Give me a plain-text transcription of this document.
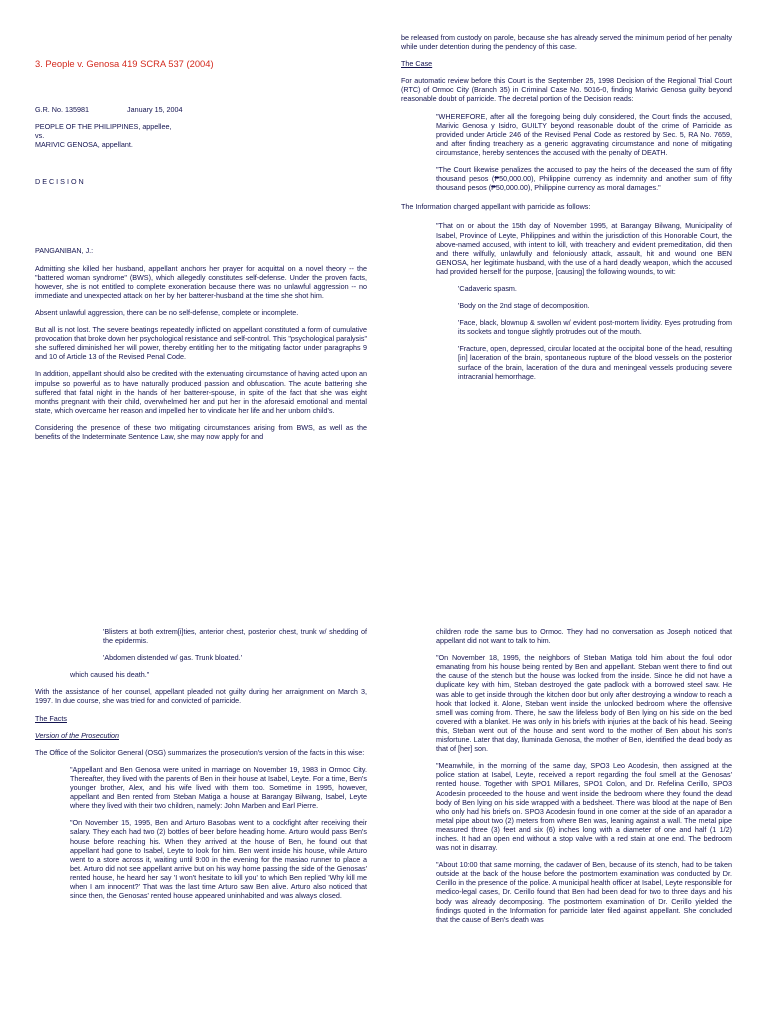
3. People v. Genosa 419 SCRA 537 (2004)

G.R. No. 135981	January 15, 2004

PEOPLE OF THE PHILIPPINES, appellee,

vs.

MARIVIC GENOSA, appellant.

D E C I S I O N

PANGANIBAN, J.:

Admitting she killed her husband, appellant anchors her prayer for acquittal on a novel theory -- the "battered woman syndrome" (BWS), which allegedly constitutes self-defense. Under the proven facts, however, she is not entitled to complete exoneration because there was no unlawful aggression -- no immediate and unexpected attack on her by her batterer-husband at the time she shot him.

Absent unlawful aggression, there can be no self-defense, complete or incomplete.

But all is not lost. The severe beatings repeatedly inflicted on appellant constituted a form of cumulative provocation that broke down her psychological resistance and self-control. This "psychological paralysis" she suffered diminished her will power, thereby entitling her to the mitigating factor under paragraphs 9 and 10 of Article 13 of the Revised Penal Code.

In addition, appellant should also be credited with the extenuating circumstance of having acted upon an impulse so powerful as to have naturally produced passion and obfuscation. The acute battering she suffered that fatal night in the hands of her batterer-spouse, in spite of the fact that she was eight months pregnant with their child, overwhelmed her and put her in the aforesaid emotional and mental state, which overcame her reason and impelled her to vindicate her life and her unborn child's.

Considering the presence of these two mitigating circumstances arising from BWS, as well as the benefits of the Indeterminate Sentence Law, she may now apply for and

be released from custody on parole, because she has already served the minimum period of her penalty while under detention during the pendency of this case.

The Case

For automatic review before this Court is the September 25, 1998 Decision of the Regional Trial Court (RTC) of Ormoc City (Branch 35) in Criminal Case No. 5016-0, finding Marivic Genosa guilty beyond reasonable doubt of parricide. The decretal portion of the Decision reads:

"WHEREFORE, after all the foregoing being duly considered, the Court finds the accused, Marivic Genosa y Isidro, GUILTY beyond reasonable doubt of the crime of Parricide as provided under Article 246 of the Revised Penal Code as restored by Sec. 5, RA No. 7659, and after finding treachery as a generic aggravating circumstance and none of mitigating circumstance, hereby sentences the accused with the penalty of DEATH.

"The Court likewise penalizes the accused to pay the heirs of the deceased the sum of fifty thousand pesos (₱50,000.00), Philippine currency as indemnity and another sum of fifty thousand pesos (₱50,000.00), Philippine currency as moral damages."

The Information charged appellant with parricide as follows:

"That on or about the 15th day of November 1995, at Barangay Bilwang, Municipality of Isabel, Province of Leyte, Philippines and within the jurisdiction of this Honorable Court, the above-named accused, with intent to kill, with treachery and evident premeditation, did then and there wilfully, unlawfully and feloniously attack, assault, hit and wound one BEN GENOSA, her legitimate husband, with the use of a hard deadly weapon, which the accused had provided herself for the purpose, [causing] the following wounds, to wit:

'Cadaveric spasm.

'Body on the 2nd stage of decomposition.

'Face, black, blownup & swollen w/ evident post-mortem lividity. Eyes protruding from its sockets and tongue slightly protrudes out of the mouth.

'Fracture, open, depressed, circular located at the occipital bone of the head, resulting [in] laceration of the brain, spontaneous rupture of the blood vessels on the posterior surface of the brain, laceration of the dura and meningeal vessels producing severe intracranial hemorrhage.

'Blisters at both extrem[i]ties, anterior chest, posterior chest, trunk w/ shedding of the epidermis.

'Abdomen distended w/ gas. Trunk bloated.'

which caused his death."

With the assistance of her counsel, appellant pleaded not guilty during her arraignment on March 3, 1997. In due course, she was tried for and convicted of parricide.

The Facts

Version of the Prosecution

The Office of the Solicitor General (OSG) summarizes the prosecution's version of the facts in this wise:

"Appellant and Ben Genosa were united in marriage on November 19, 1983 in Ormoc City. Thereafter, they lived with the parents of Ben in their house at Isabel, Leyte. For a time, Ben's younger brother, Alex, and his wife lived with them too. Sometime in 1995, however, appellant and Ben rented from Steban Matiga a house at Barangay Bilwang, Isabel, Leyte where they lived with their two children, namely: John Marben and Earl Pierre.

"On November 15, 1995, Ben and Arturo Basobas went to a cockfight after receiving their salary. They each had two (2) bottles of beer before heading home. Arturo would pass Ben's house before reaching his. When they arrived at the house of Ben, he found out that appellant had gone to Isabel, Leyte to look for him. Ben went inside his house, while Arturo went to a store across it, waiting until 9:00 in the evening for the masiao runner to place a bet. Arturo did not see appellant arrive but on his way home passing the side of the Genosas' rented house, he heard her say 'I won't hesitate to kill you' to which Ben replied 'Why kill me when I am innocent?' That was the last time Arturo saw Ben alive. Arturo also noticed that since then, the Genosas' rented house appeared uninhabited and was always closed.

children rode the same bus to Ormoc. They had no conversation as Joseph noticed that appellant did not want to talk to him.

"On November 18, 1995, the neighbors of Steban Matiga told him about the foul odor emanating from his house being rented by Ben and appellant. Steban went there to find out the cause of the stench but the house was locked from the inside. Since he did not have a duplicate key with him, Steban destroyed the gate padlock with a borrowed steel saw. He was able to get inside through the kitchen door but only after destroying a window to reach a hook that locked it. Alone, Steban went inside the unlocked bedroom where the offensive smell was coming from. There, he saw the lifeless body of Ben lying on his side on the bed covered with a blanket. He was only in his briefs with injuries at the back of his head. Seeing this, Steban went out of the house and sent word to the mother of Ben about his son's misfortune. Later that day, Iluminada Genosa, the mother of Ben, identified the dead body as that of [her] son.

"Meanwhile, in the morning of the same day, SPO3 Leo Acodesin, then assigned at the police station at Isabel, Leyte, received a report regarding the foul smell at the Genosas' rented house. Together with SPO1 Millares, SPO1 Colon, and Dr. Refelina Cerillo, SPO3 Acodesin proceeded to the house and went inside the bedroom where they found the dead body of Ben lying on his side wrapped with a bedsheet. There was blood at the nape of Ben who only had his briefs on. SPO3 Acodesin found in one corner at the side of an aparador a metal pipe about two (2) meters from where Ben was, leaning against a wall. The metal pipe measured three (3) feet and six (6) inches long with a diameter of one and half (1 1/2) inches. It had an open end without a stop valve with a red stain at one end. The bedroom was not in disarray.

"About 10:00 that same morning, the cadaver of Ben, because of its stench, had to be taken outside at the back of the house before the postmortem examination was conducted by Dr. Cerillo in the presence of the police. A municipal health officer at Isabel, Leyte responsible for medico-legal cases, Dr. Cerillo found that Ben had been dead for two to three days and his body was already decomposing. The postmortem examination of Dr. Cerillo yielded the findings quoted in the Information for parricide later filed against appellant. She concluded that the cause of Ben's death was
